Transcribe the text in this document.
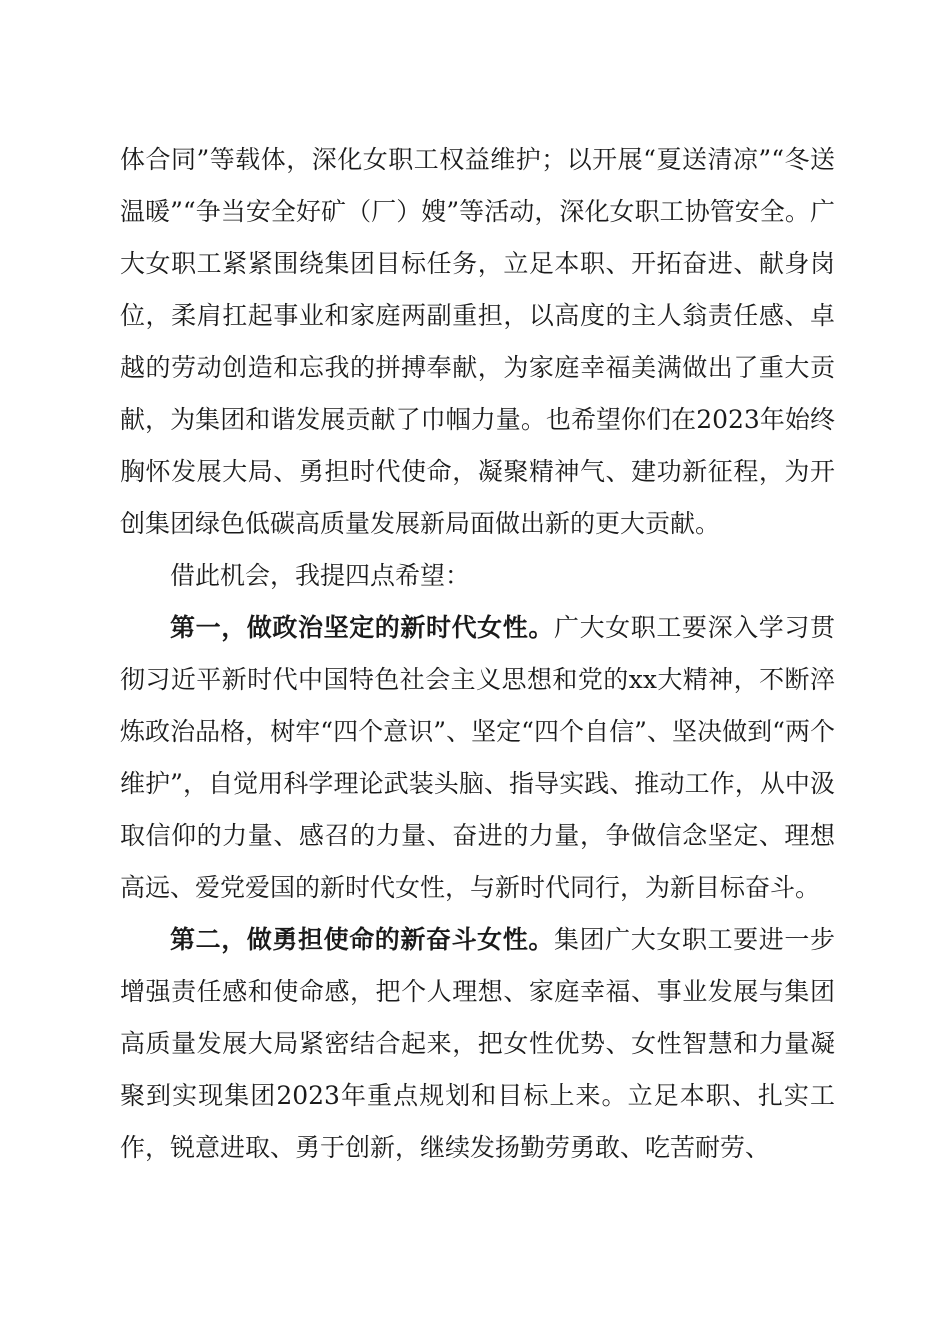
体合同”等载体，深化女职工权益维护；以开展“夏送清凉”“冬送温暖”“争当安全好矿（厂）嫂”等活动，深化女职工协管安全。广大女职工紧紧围绕集团目标任务，立足本职、开拓奋进、献身岗位，柔肩扛起事业和家庭两副重担，以高度的主人翁责任感、卓越的劳动创造和忘我的拼搏奉献，为家庭幸福美满做出了重大贡献，为集团和谐发展贡献了巾帼力量。也希望你们在2023年始终胸怀发展大局、勇担时代使命，凝聚精神气、建功新征程，为开创集团绿色低碳高质量发展新局面做出新的更大贡献。

借此机会，我提四点希望：

第一，做政治坚定的新时代女性。广大女职工要深入学习贯彻习近平新时代中国特色社会主义思想和党的xx大精神，不断淬炼政治品格，树牢“四个意识”、坚定“四个自信”、坚决做到“两个维护”，自觉用科学理论武装头脑、指导实践、推动工作，从中汲取信仰的力量、感召的力量、奋进的力量，争做信念坚定、理想高远、爱党爱国的新时代女性，与新时代同行，为新目标奋斗。

第二，做勇担使命的新奋斗女性。集团广大女职工要进一步增强责任感和使命感，把个人理想、家庭幸福、事业发展与集团高质量发展大局紧密结合起来，把女性优势、女性智慧和力量凝聚到实现集团2023年重点规划和目标上来。立足本职、扎实工作，锐意进取、勇于创新，继续发扬勤劳勇敢、吃苦耐劳、
